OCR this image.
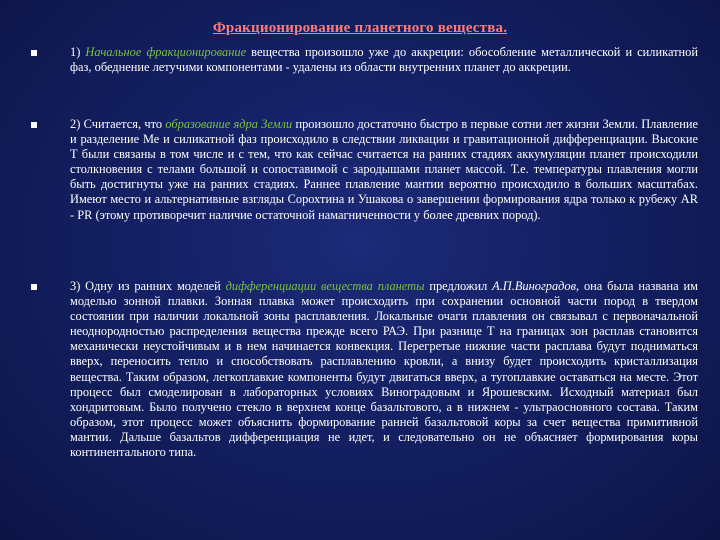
Фракционирование планетного вещества.
1) Начальное фракционирование вещества произошло уже до аккреции: обособление металлической и силикатной фаз, обеднение летучими компонентами - удалены из области внутренних планет до аккреции.
2) Считается, что образование ядра Земли произошло достаточно быстро в первые сотни лет жизни Земли. Плавление и разделение Ме и силикатной фаз происходило в следствии ликвации и гравитационной дифференциации. Высокие Т были связаны в том числе и с тем, что как сейчас считается на ранних стадиях аккумуляции планет происходили столкновения с телами большой и сопоставимой с зародышами планет массой. Т.е. температуры плавления могли быть достигнуты уже на ранних стадиях. Раннее плавление мантии вероятно происходило в больших масштабах. Имеют место и альтернативные взгляды Сорохтина и Ушакова о завершении формирования ядра только к рубежу AR - PR (этому противоречит наличие остаточной намагниченности у более древних пород).
3) Одну из ранних моделей дифференциации вещества планеты предложил А.П.Виноградов, она была названа им моделью зонной плавки. Зонная плавка может происходить при сохранении основной части пород в твердом состоянии при наличии локальной зоны расплавления. Локальные очаги плавления он связывал с первоначальной неоднородностью распределения вещества прежде всего РАЭ. При разнице Т на границах зон расплав становится механически неустойчивым и в нем начинается конвекция. Перегретые нижние части расплава будут подниматься вверх, переносить тепло и способствовать расплавлению кровли, а внизу будет происходить кристаллизация вещества. Таким образом, легкоплавкие компоненты будут двигаться вверх, а тугоплавкие оставаться на месте. Этот процесс был смоделирован в лабораторных условиях Виноградовым и Ярошевским. Исходный материал был хондритовым. Было получено стекло в верхнем конце базальтового, а в нижнем - ультраосновного состава. Таким образом, этот процесс может объяснить формирование ранней базальтовой коры за счет вещества примитивной мантии. Дальше базальтов дифференциация не идет, и следовательно он не объясняет формирования коры континентального типа.
